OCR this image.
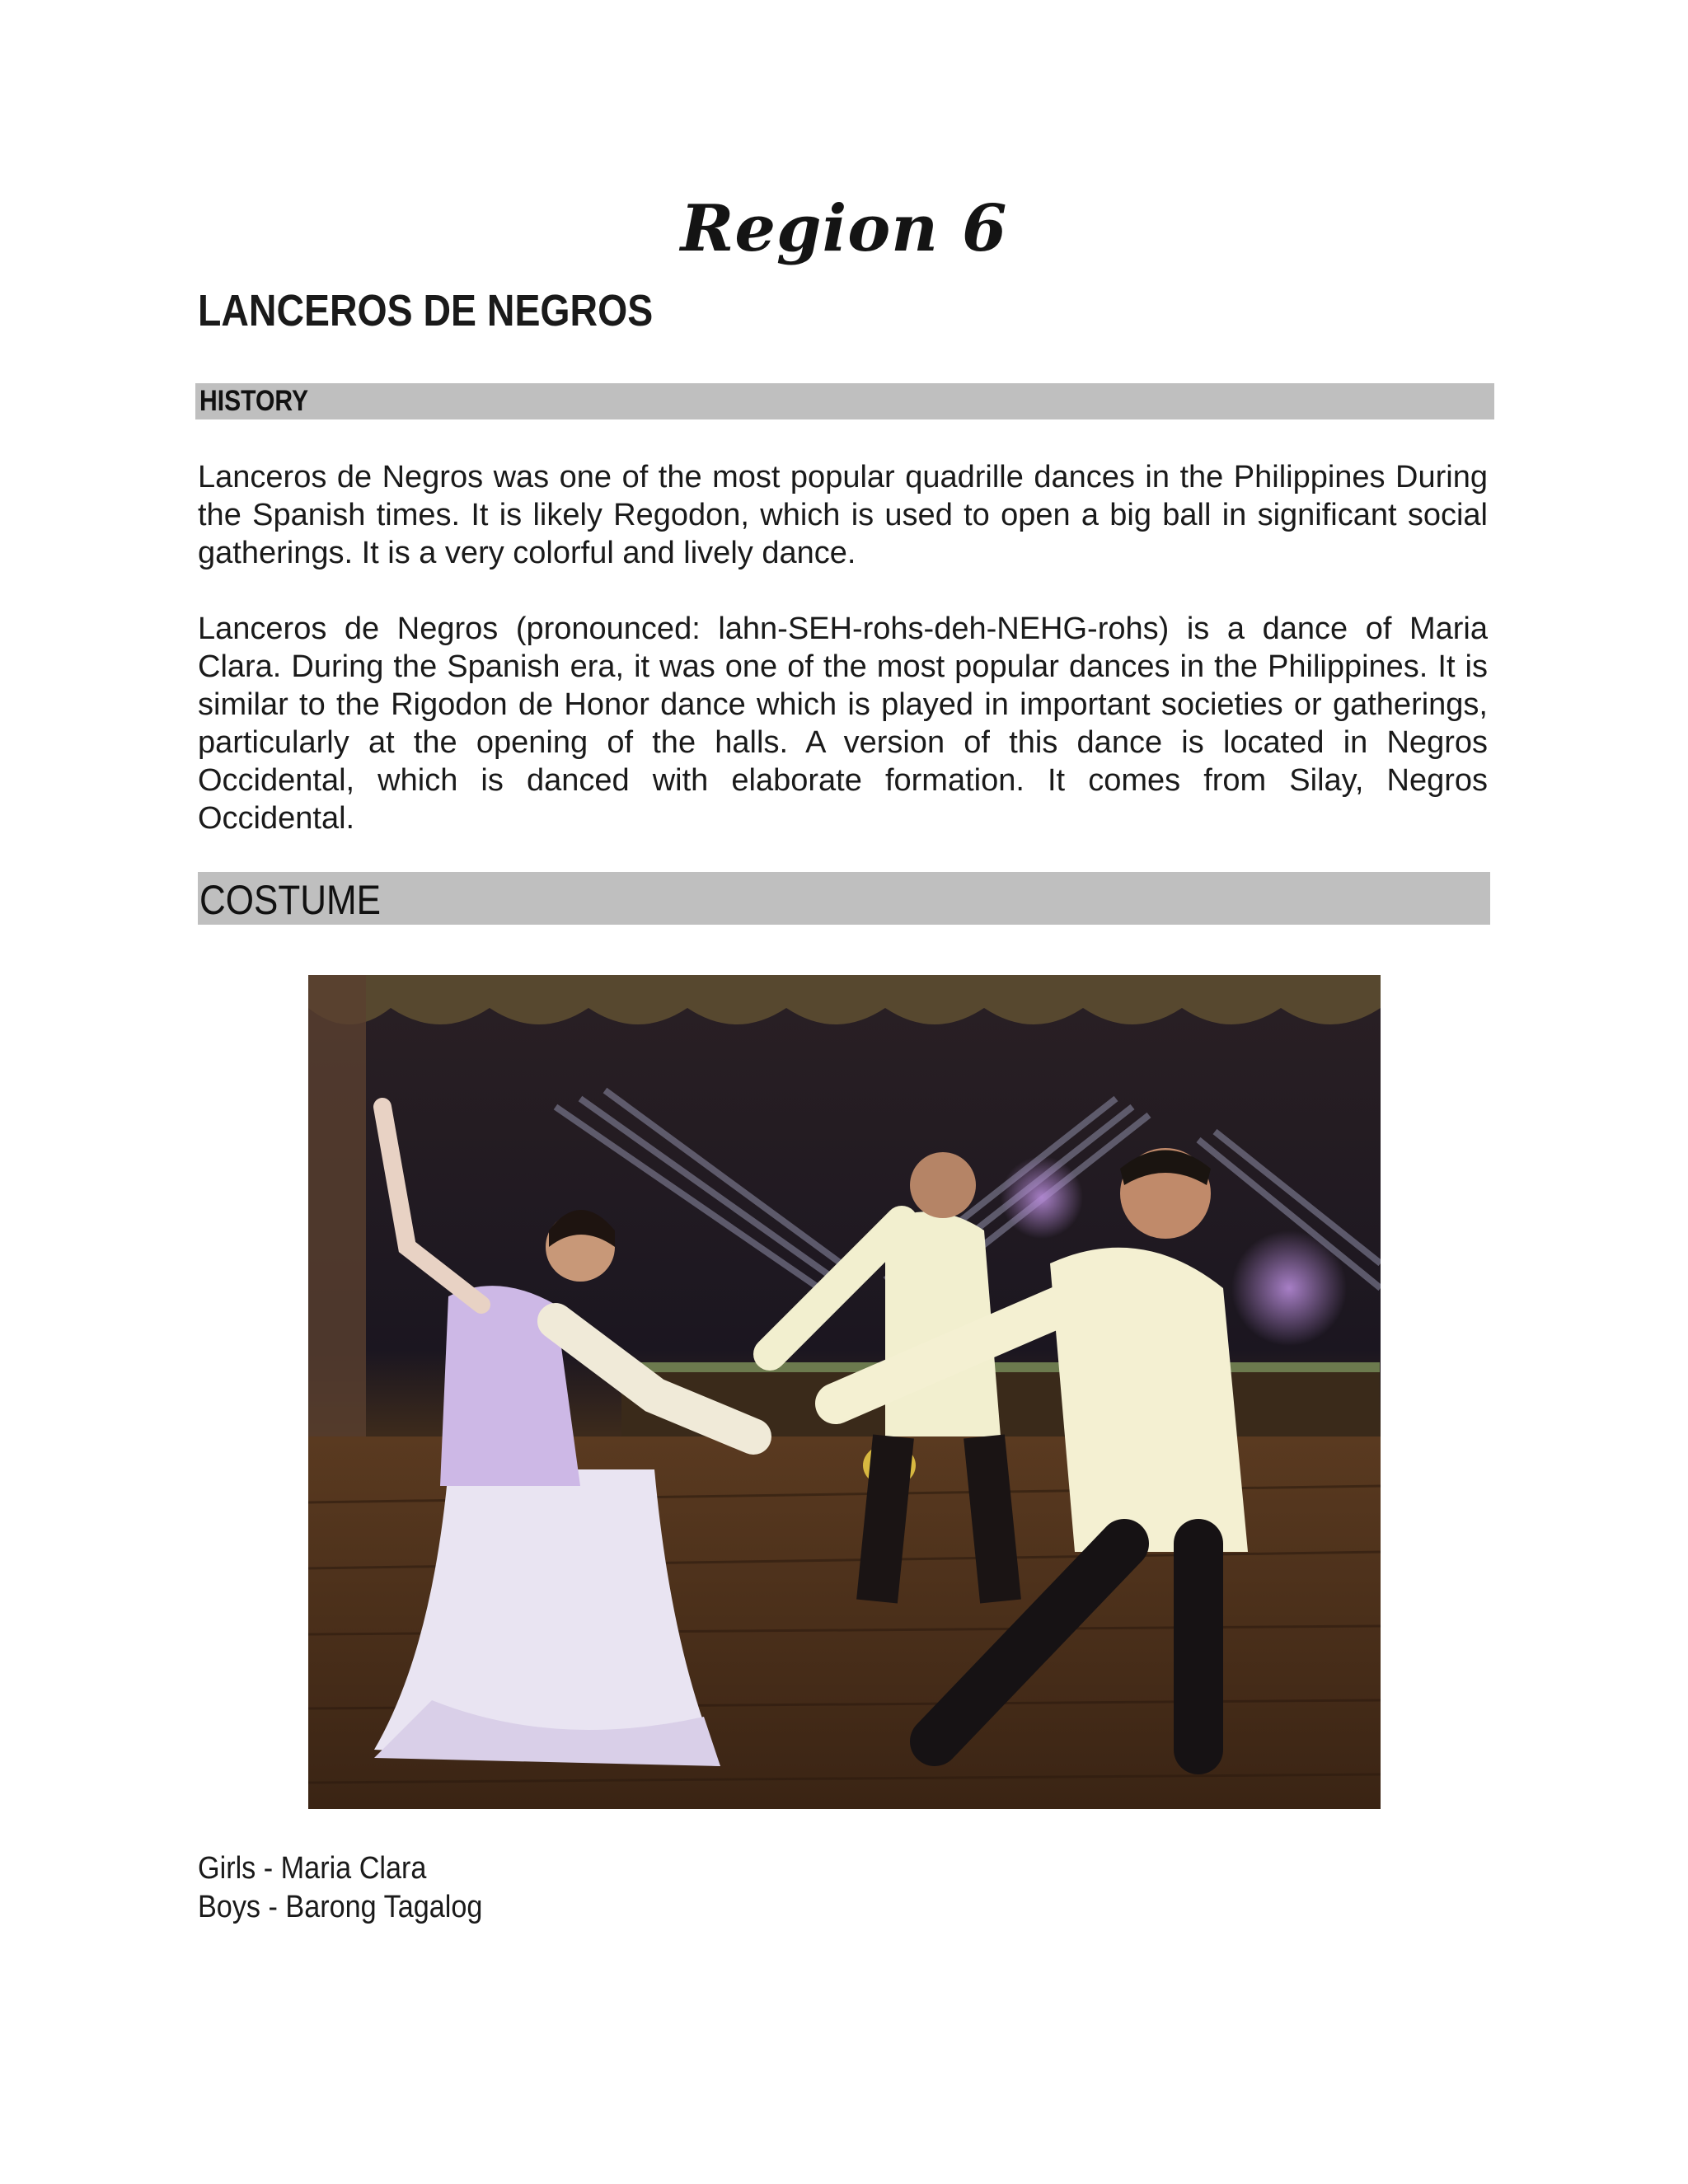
Region 6
LANCEROS DE NEGROS
HISTORY

Lanceros de Negros was one of the most popular quadrille dances in the Philippines During the Spanish times. It is likely Regodon, which is used to open a big ball in significant social gatherings. It is a very colorful and lively dance.

Lanceros de Negros (pronounced: lahn-SEH-rohs-deh-NEHG-rohs) is a dance of Maria Clara. During the Spanish era, it was one of the most popular dances in the Philippines. It is similar to the Rigodon de Honor dance which is played in important societies or gatherings, particularly at the opening of the halls. A version of this dance is located in Negros Occidental, which is danced with elaborate formation. It comes from Silay, Negros Occidental.

COSTUME
Girls - Maria Clara
Boys - Barong Tagalog
